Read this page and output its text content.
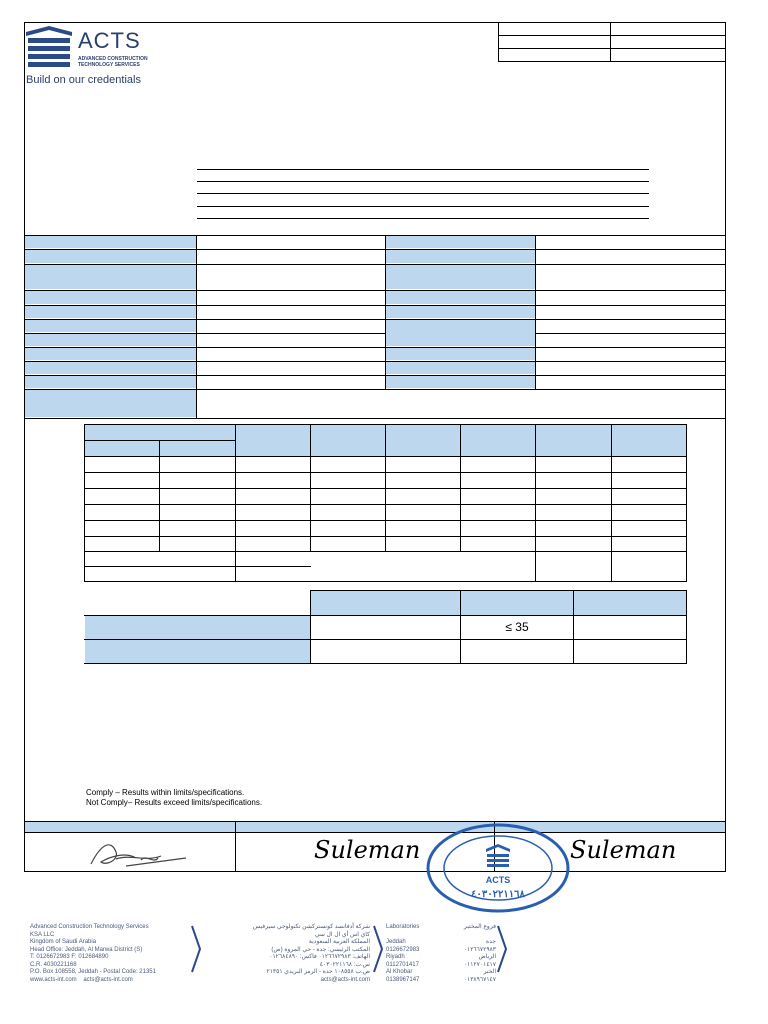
ACTS
ADVANCED CONSTRUCTION
TECHNOLOGY SERVICES
Build on our credentials
≤ 35
Comply – Results within limits/specifications.
Not Comply– Results exceed limits/specifications.
Suleman	Suleman
ACTS
٤٠٣٠٢٢١١٦٨
Advanced Construction Technology Services
KSA LLC
Kingdom of Saudi Arabia
Head Office: Jeddah, Al Marwa District (S)
T: 0126672983 F: 012684890
C.R. 4030221168
P.O. Box 108558, Jeddah - Postal Code: 21351
www.acts-int.com    acts@acts-int.com
شركة أدفانسد كونستركشن تكنولوجي سيرفيس
كاي اس أي ال ال سي
المملكة العربية السعودية
المكتب الرئيسي: جدة - حي المروة (ص)
الهاتف: ٠١٢٦٦٧٢٩٨٣ فاكس: ٠١٢٦٨٤٨٩٠
س.ت: ٤٠٣٠٢٢١١٦٨
ص.ب ١٠٨٥٥٨ جدة - الرمز البريدي ٢١٣٥١
acts@acts-int.com
Laboratories

Jeddah
0126672983
Riyadh
0112701417
Al Khobar
0138967147
فروع المختبر

جدة
٠١٢٦٦٧٢٩٨٣
الرياض
٠١١٢٧٠١٤١٧
الخبر
٠١٣٨٩٦٧١٤٧
